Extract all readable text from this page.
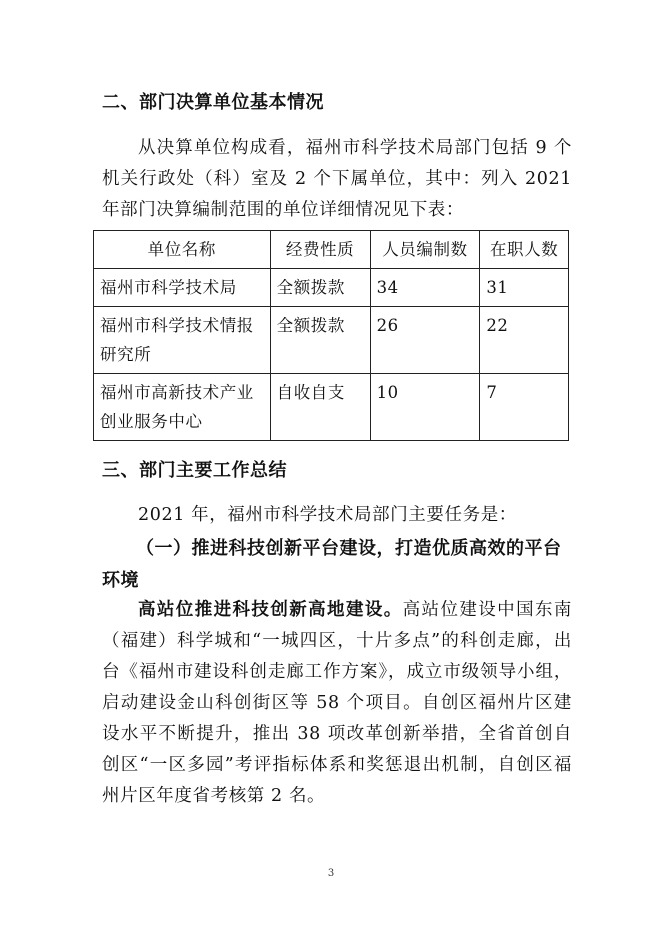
二、部门决算单位基本情况
从决算单位构成看，福州市科学技术局部门包括 9 个机关行政处（科）室及 2 个下属单位，其中：列入 2021 年部门决算编制范围的单位详细情况见下表：
单位名称	经费性质	人员编制数	在职人数
福州市科学技术局	全额拨款	34	31
福州市科学技术情报研究所	全额拨款	26	22
福州市高新技术产业创业服务中心	自收自支	10	7
三、部门主要工作总结
2021 年，福州市科学技术局部门主要任务是：
（一）推进科技创新平台建设，打造优质高效的平台环境
高站位推进科技创新高地建设。高站位建设中国东南（福建）科学城和“一城四区，十片多点”的科创走廊，出台《福州市建设科创走廊工作方案》，成立市级领导小组，启动建设金山科创街区等 58 个项目。自创区福州片区建设水平不断提升，推出 38 项改革创新举措，全省首创自创区“一区多园”考评指标体系和奖惩退出机制，自创区福州片区年度省考核第 2 名。
3
